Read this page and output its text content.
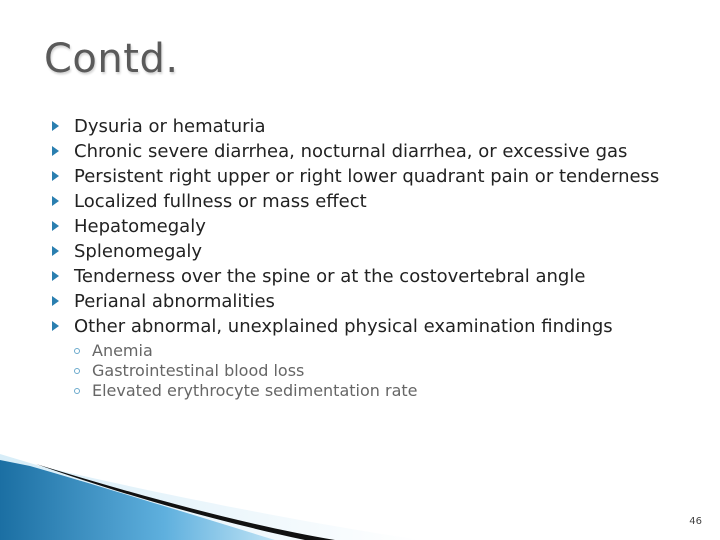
Contd.
Dysuria or hematuria
Chronic severe diarrhea, nocturnal diarrhea, or excessive gas
Persistent right upper or right lower quadrant pain or tenderness
Localized fullness or mass effect
Hepatomegaly
Splenomegaly
Tenderness over the spine or at the costovertebral angle
Perianal abnormalities
Other abnormal, unexplained physical examination findings
Anemia
Gastrointestinal blood loss
Elevated erythrocyte sedimentation rate
46
